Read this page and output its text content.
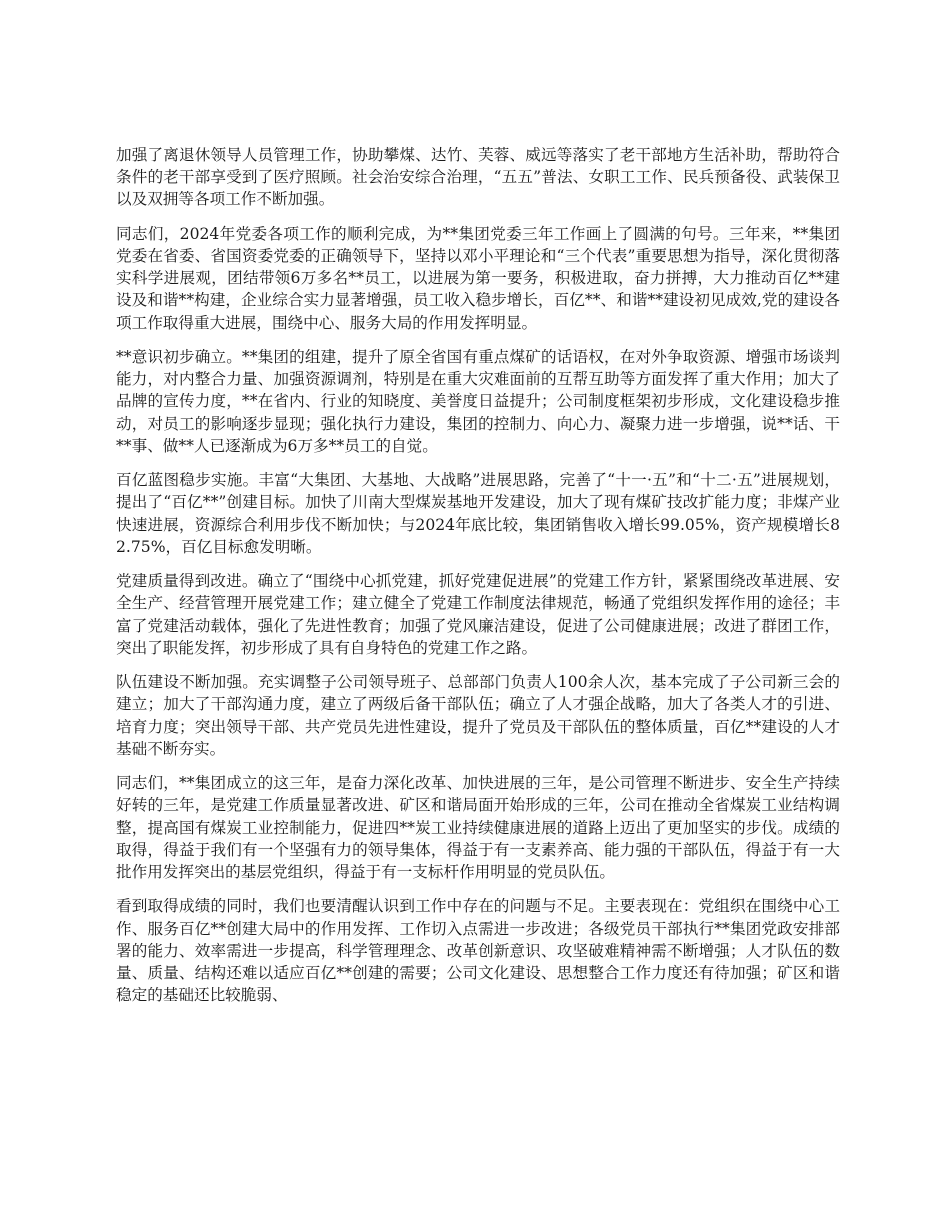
加强了离退休领导人员管理工作，协助攀煤、达竹、芙蓉、威远等落实了老干部地方生活补助，帮助符合条件的老干部享受到了医疗照顾。社会治安综合治理，“五五”普法、女职工工作、民兵预备役、武装保卫以及双拥等各项工作不断加强。

同志们，2024年党委各项工作的顺利完成，为**集团党委三年工作画上了圆满的句号。三年来，**集团党委在省委、省国资委党委的正确领导下，坚持以邓小平理论和“三个代表”重要思想为指导，深化贯彻落实科学进展观，团结带领6万多名**员工，以进展为第一要务，积极进取，奋力拼搏，大力推动百亿**建设及和谐**构建，企业综合实力显著增强，员工收入稳步增长，百亿**、和谐**建设初见成效,党的建设各项工作取得重大进展，围绕中心、服务大局的作用发挥明显。

**意识初步确立。**集团的组建，提升了原全省国有重点煤矿的话语权，在对外争取资源、增强市场谈判能力，对内整合力量、加强资源调剂，特别是在重大灾难面前的互帮互助等方面发挥了重大作用；加大了品牌的宣传力度，**在省内、行业的知晓度、美誉度日益提升；公司制度框架初步形成，文化建设稳步推动，对员工的影响逐步显现；强化执行力建设，集团的控制力、向心力、凝聚力进一步增强，说**话、干**事、做**人已逐渐成为6万多**员工的自觉。

百亿蓝图稳步实施。丰富“大集团、大基地、大战略”进展思路，完善了“十一·五”和“十二·五”进展规划，提出了“百亿**”创建目标。加快了川南大型煤炭基地开发建设，加大了现有煤矿技改扩能力度；非煤产业快速进展，资源综合利用步伐不断加快；与2024年底比较，集团销售收入增长99.05%，资产规模增长82.75%，百亿目标愈发明晰。

党建质量得到改进。确立了“围绕中心抓党建，抓好党建促进展”的党建工作方针，紧紧围绕改革进展、安全生产、经营管理开展党建工作；建立健全了党建工作制度法律规范，畅通了党组织发挥作用的途径；丰富了党建活动载体，强化了先进性教育；加强了党风廉洁建设，促进了公司健康进展；改进了群团工作，突出了职能发挥，初步形成了具有自身特色的党建工作之路。

队伍建设不断加强。充实调整子公司领导班子、总部部门负责人100余人次，基本完成了子公司新三会的建立；加大了干部沟通力度，建立了两级后备干部队伍；确立了人才强企战略，加大了各类人才的引进、培育力度；突出领导干部、共产党员先进性建设，提升了党员及干部队伍的整体质量，百亿**建设的人才基础不断夯实。

同志们，**集团成立的这三年，是奋力深化改革、加快进展的三年，是公司管理不断进步、安全生产持续好转的三年，是党建工作质量显著改进、矿区和谐局面开始形成的三年，公司在推动全省煤炭工业结构调整，提高国有煤炭工业控制能力，促进四**炭工业持续健康进展的道路上迈出了更加坚实的步伐。成绩的取得，得益于我们有一个坚强有力的领导集体，得益于有一支素养高、能力强的干部队伍，得益于有一大批作用发挥突出的基层党组织，得益于有一支标杆作用明显的党员队伍。

看到取得成绩的同时，我们也要清醒认识到工作中存在的问题与不足。主要表现在：党组织在围绕中心工作、服务百亿**创建大局中的作用发挥、工作切入点需进一步改进；各级党员干部执行**集团党政安排部署的能力、效率需进一步提高，科学管理理念、改革创新意识、攻坚破难精神需不断增强；人才队伍的数量、质量、结构还难以适应百亿**创建的需要；公司文化建设、思想整合工作力度还有待加强；矿区和谐稳定的基础还比较脆弱、
